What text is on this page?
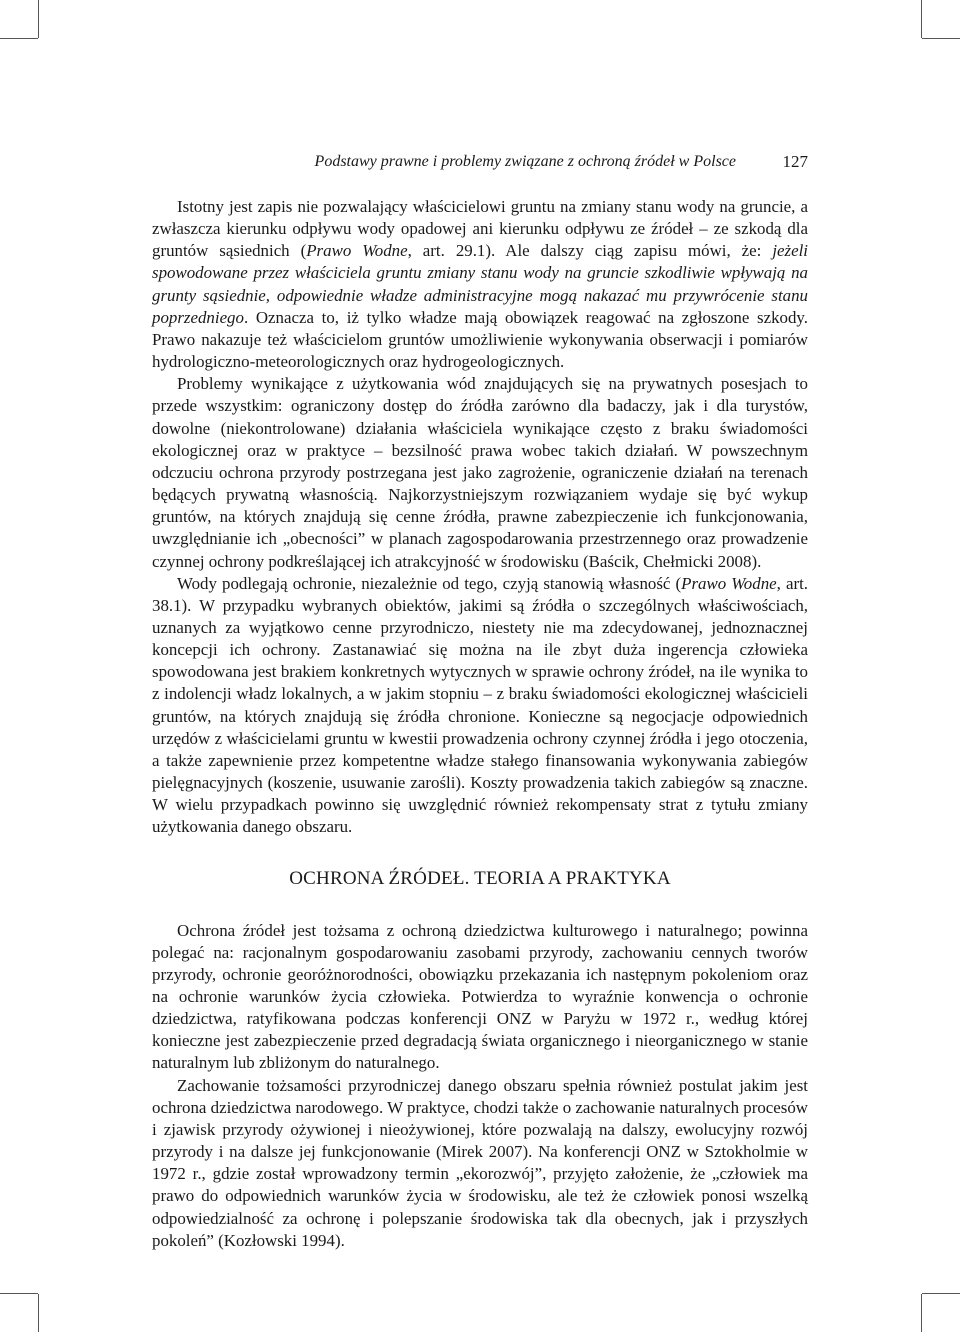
Podstawy prawne i problemy związane z ochroną źródeł w Polsce	127

Istotny jest zapis nie pozwalający właścicielowi gruntu na zmiany stanu wody na gruncie, a zwłaszcza kierunku odpływu wody opadowej ani kierunku odpływu ze źródeł – ze szkodą dla gruntów sąsiednich (Prawo Wodne, art. 29.1). Ale dalszy ciąg zapisu mówi, że: jeżeli spowodowane przez właściciela gruntu zmiany stanu wody na gruncie szkodliwie wpływają na grunty sąsiednie, odpowiednie władze administracyjne mogą nakazać mu przywrócenie stanu poprzedniego. Oznacza to, iż tylko władze mają obowiązek reagować na zgłoszone szkody. Prawo nakazuje też właścicielom gruntów umożliwienie wykonywania obserwacji i pomiarów hydrologiczno-meteorologicznych oraz hydrogeologicznych.

Problemy wynikające z użytkowania wód znajdujących się na prywatnych posesjach to przede wszystkim: ograniczony dostęp do źródła zarówno dla badaczy, jak i dla turystów, dowolne (niekontrolowane) działania właściciela wynikające często z braku świadomości ekologicznej oraz w praktyce – bezsilność prawa wobec takich działań. W powszechnym odczuciu ochrona przyrody postrzegana jest jako zagrożenie, ograniczenie działań na terenach będących prywatną własnością. Najkorzystniejszym rozwiązaniem wydaje się być wykup gruntów, na których znajdują się cenne źródła, prawne zabezpieczenie ich funkcjonowania, uwzględnianie ich „obecności” w planach zagospodarowania przestrzennego oraz prowadzenie czynnej ochrony podkreślającej ich atrakcyjność w środowisku (Baścik, Chełmicki 2008).

Wody podlegają ochronie, niezależnie od tego, czyją stanowią własność (Prawo Wodne, art. 38.1). W przypadku wybranych obiektów, jakimi są źródła o szczególnych właściwościach, uznanych za wyjątkowo cenne przyrodniczo, niestety nie ma zdecydowanej, jednoznacznej koncepcji ich ochrony. Zastanawiać się można na ile zbyt duża ingerencja człowieka spowodowana jest brakiem konkretnych wytycznych w sprawie ochrony źródeł, na ile wynika to z indolencji władz lokalnych, a w jakim stopniu – z braku świadomości ekologicznej właścicieli gruntów, na których znajdują się źródła chronione. Konieczne są negocjacje odpowiednich urzędów z właścicielami gruntu w kwestii prowadzenia ochrony czynnej źródła i jego otoczenia, a także zapewnienie przez kompetentne władze stałego finansowania wykonywania zabiegów pielęgnacyjnych (koszenie, usuwanie zarośli). Koszty prowadzenia takich zabiegów są znaczne. W wielu przypadkach powinno się uwzględnić również rekompensaty strat z tytułu zmiany użytkowania danego obszaru.

OCHRONA ŹRÓDEŁ. TEORIA A PRAKTYKA

Ochrona źródeł jest tożsama z ochroną dziedzictwa kulturowego i naturalnego; powinna polegać na: racjonalnym gospodarowaniu zasobami przyrody, zachowaniu cennych tworów przyrody, ochronie georóżnorodności, obowiązku przekazania ich następnym pokoleniom oraz na ochronie warunków życia człowieka. Potwierdza to wyraźnie konwencja o ochronie dziedzictwa, ratyfikowana podczas konferencji ONZ w Paryżu w 1972 r., według której konieczne jest zabezpieczenie przed degradacją świata organicznego i nieorganicznego w stanie naturalnym lub zbliżonym do naturalnego.

Zachowanie tożsamości przyrodniczej danego obszaru spełnia również postulat jakim jest ochrona dziedzictwa narodowego. W praktyce, chodzi także o zachowanie naturalnych procesów i zjawisk przyrody ożywionej i nieożywionej, które pozwalają na dalszy, ewolucyjny rozwój przyrody i na dalsze jej funkcjonowanie (Mirek 2007). Na konferencji ONZ w Sztokholmie w 1972 r., gdzie został wprowadzony termin „ekorozwój”, przyjęto założenie, że „człowiek ma prawo do odpowiednich warunków życia w środowisku, ale też że człowiek ponosi wszelką odpowiedzialność za ochronę i polepszanie środowiska tak dla obecnych, jak i przyszłych pokoleń” (Kozłowski 1994).
